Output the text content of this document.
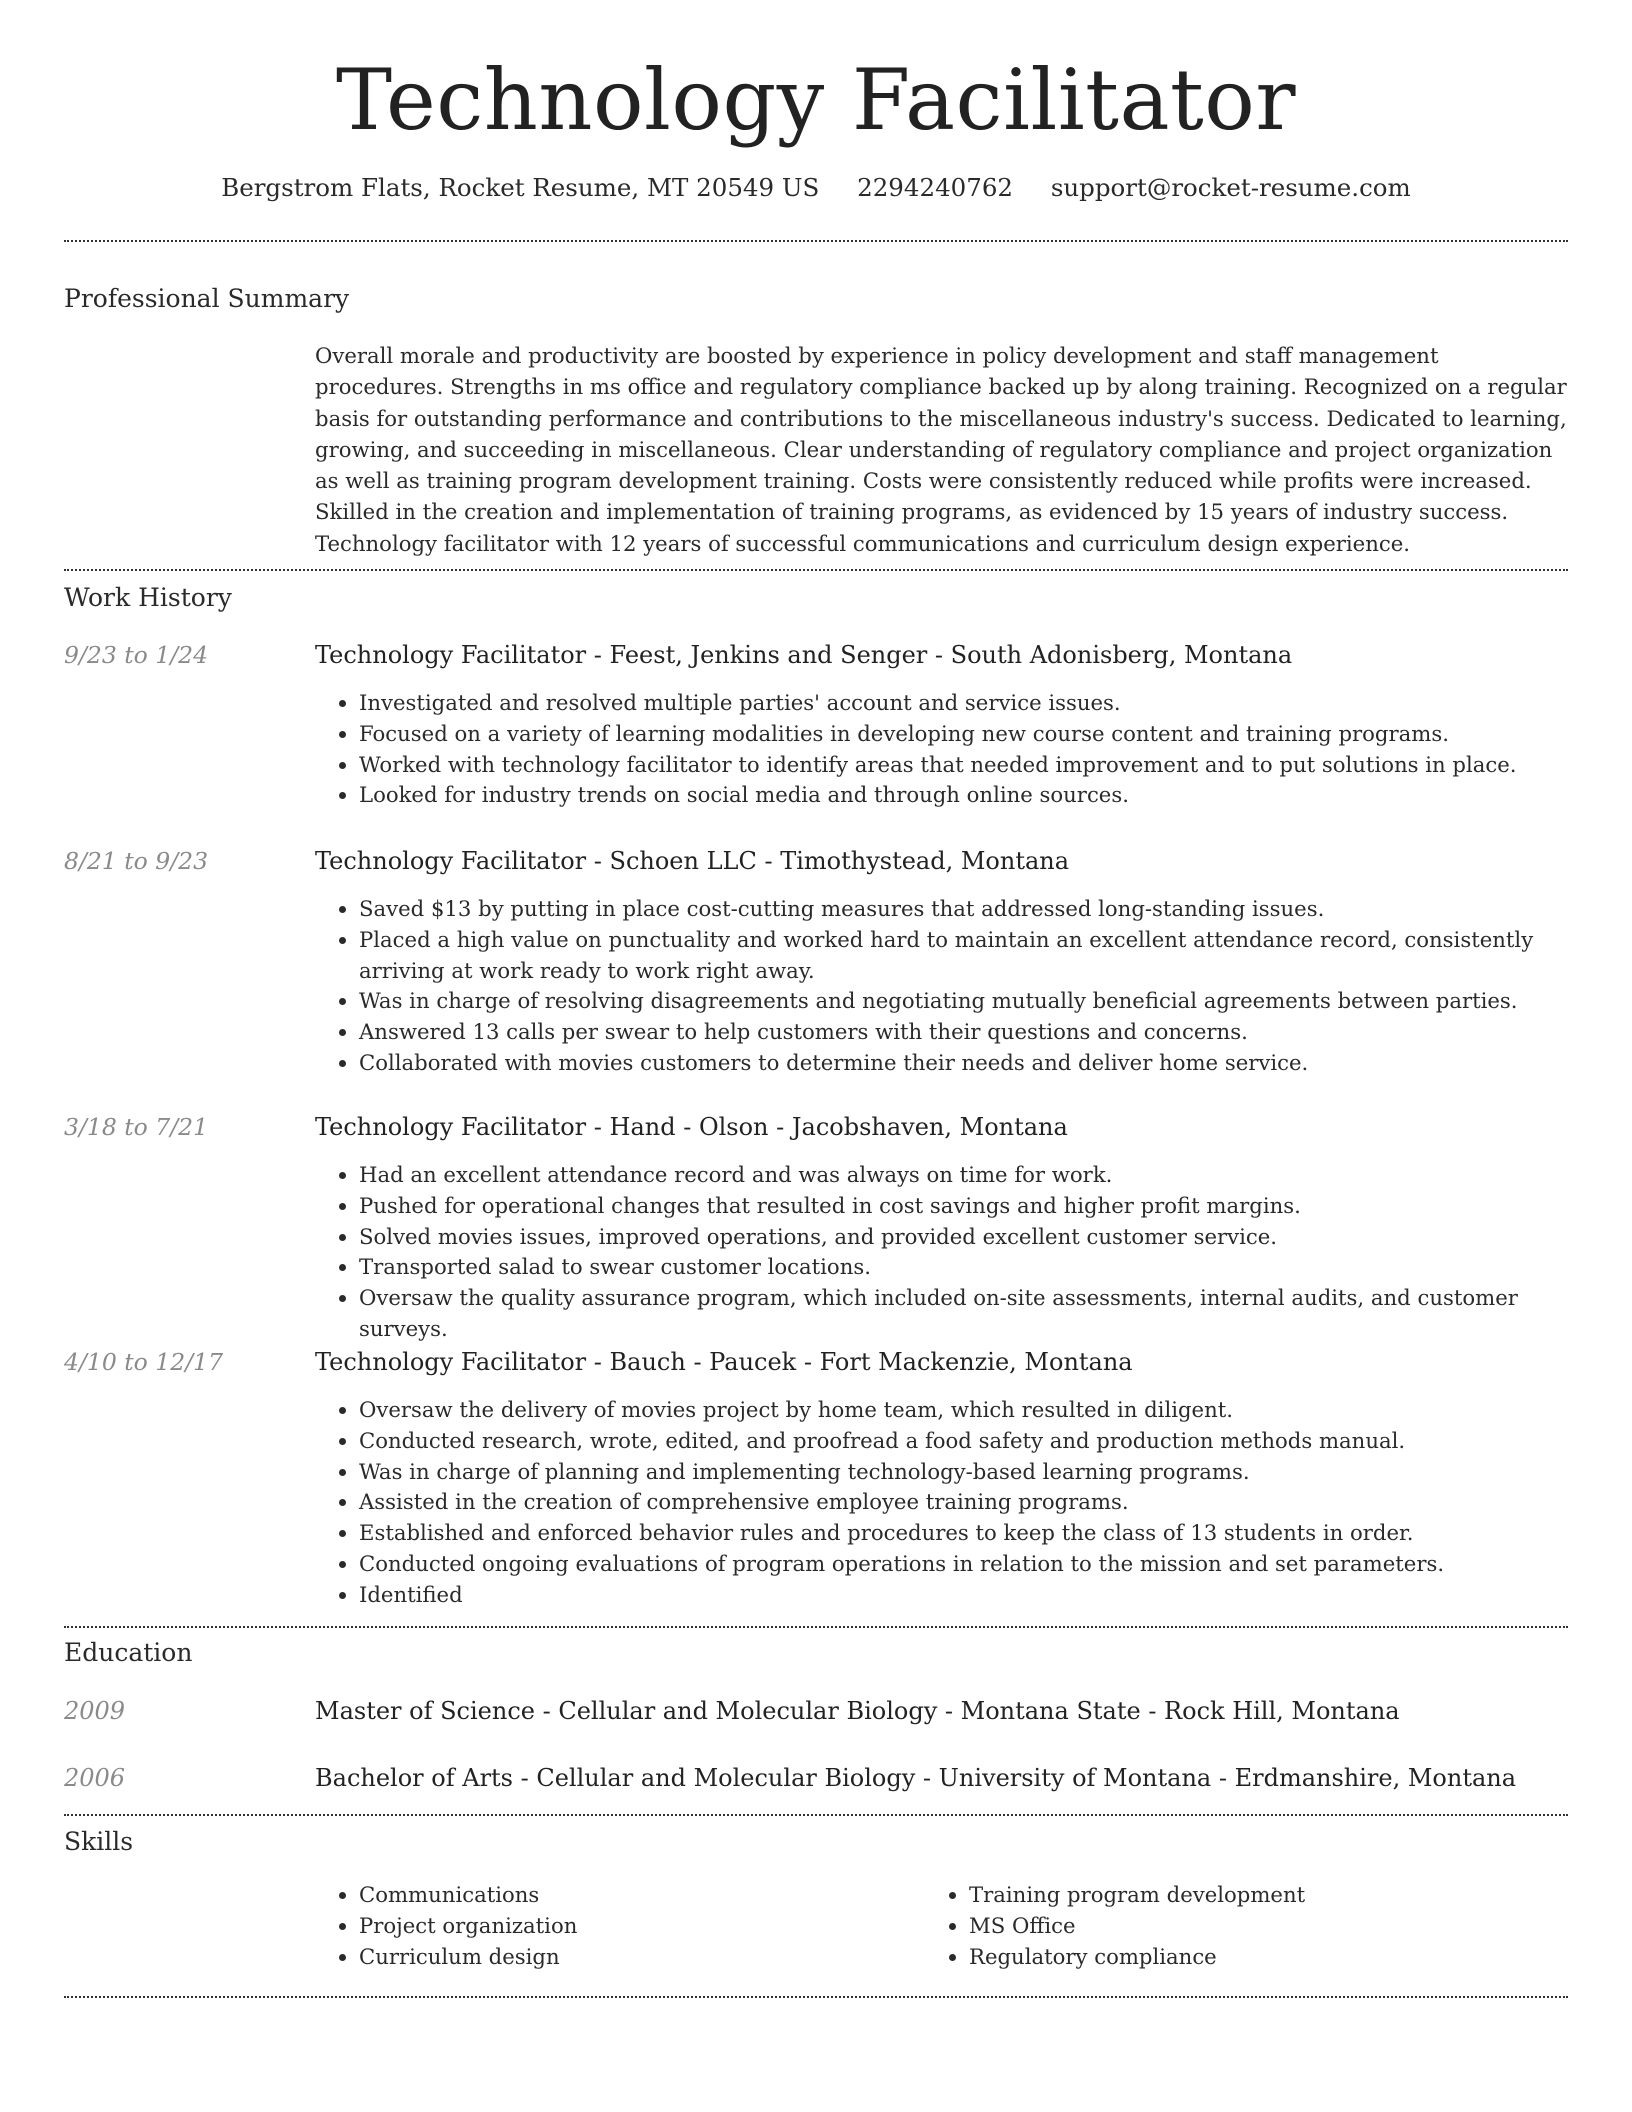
Technology Facilitator
Bergstrom Flats, Rocket Resume, MT 20549 US 2294240762 support@rocket-resume.com
Professional Summary

Overall morale and productivity are boosted by experience in policy development and staff management procedures. Strengths in ms office and regulatory compliance backed up by along training. Recognized on a regular basis for outstanding performance and contributions to the miscellaneous industry's success. Dedicated to learning, growing, and succeeding in miscellaneous. Clear understanding of regulatory compliance and project organization as well as training program development training. Costs were consistently reduced while profits were increased. Skilled in the creation and implementation of training programs, as evidenced by 15 years of industry success. Technology facilitator with 12 years of successful communications and curriculum design experience.

Work History
9/23 to 1/24	Technology Facilitator - Feest, Jenkins and Senger - South Adonisberg, Montana
• Investigated and resolved multiple parties' account and service issues.
• Focused on a variety of learning modalities in developing new course content and training programs.
• Worked with technology facilitator to identify areas that needed improvement and to put solutions in place.
• Looked for industry trends on social media and through online sources.
8/21 to 9/23	Technology Facilitator - Schoen LLC - Timothystead, Montana
• Saved $13 by putting in place cost-cutting measures that addressed long-standing issues.
• Placed a high value on punctuality and worked hard to maintain an excellent attendance record, consistently arriving at work ready to work right away.
• Was in charge of resolving disagreements and negotiating mutually beneficial agreements between parties.
• Answered 13 calls per swear to help customers with their questions and concerns.
• Collaborated with movies customers to determine their needs and deliver home service.
3/18 to 7/21	Technology Facilitator - Hand - Olson - Jacobshaven, Montana
• Had an excellent attendance record and was always on time for work.
• Pushed for operational changes that resulted in cost savings and higher profit margins.
• Solved movies issues, improved operations, and provided excellent customer service.
• Transported salad to swear customer locations.
• Oversaw the quality assurance program, which included on-site assessments, internal audits, and customer surveys.
4/10 to 12/17	Technology Facilitator - Bauch - Paucek - Fort Mackenzie, Montana
• Oversaw the delivery of movies project by home team, which resulted in diligent.
• Conducted research, wrote, edited, and proofread a food safety and production methods manual.
• Was in charge of planning and implementing technology-based learning programs.
• Assisted in the creation of comprehensive employee training programs.
• Established and enforced behavior rules and procedures to keep the class of 13 students in order.
• Conducted ongoing evaluations of program operations in relation to the mission and set parameters.
• Identified
Education
2009	Master of Science - Cellular and Molecular Biology - Montana State - Rock Hill, Montana
2006	Bachelor of Arts - Cellular and Molecular Biology - University of Montana - Erdmanshire, Montana
Skills
• Communications
• Project organization
• Curriculum design
• Training program development
• MS Office
• Regulatory compliance
